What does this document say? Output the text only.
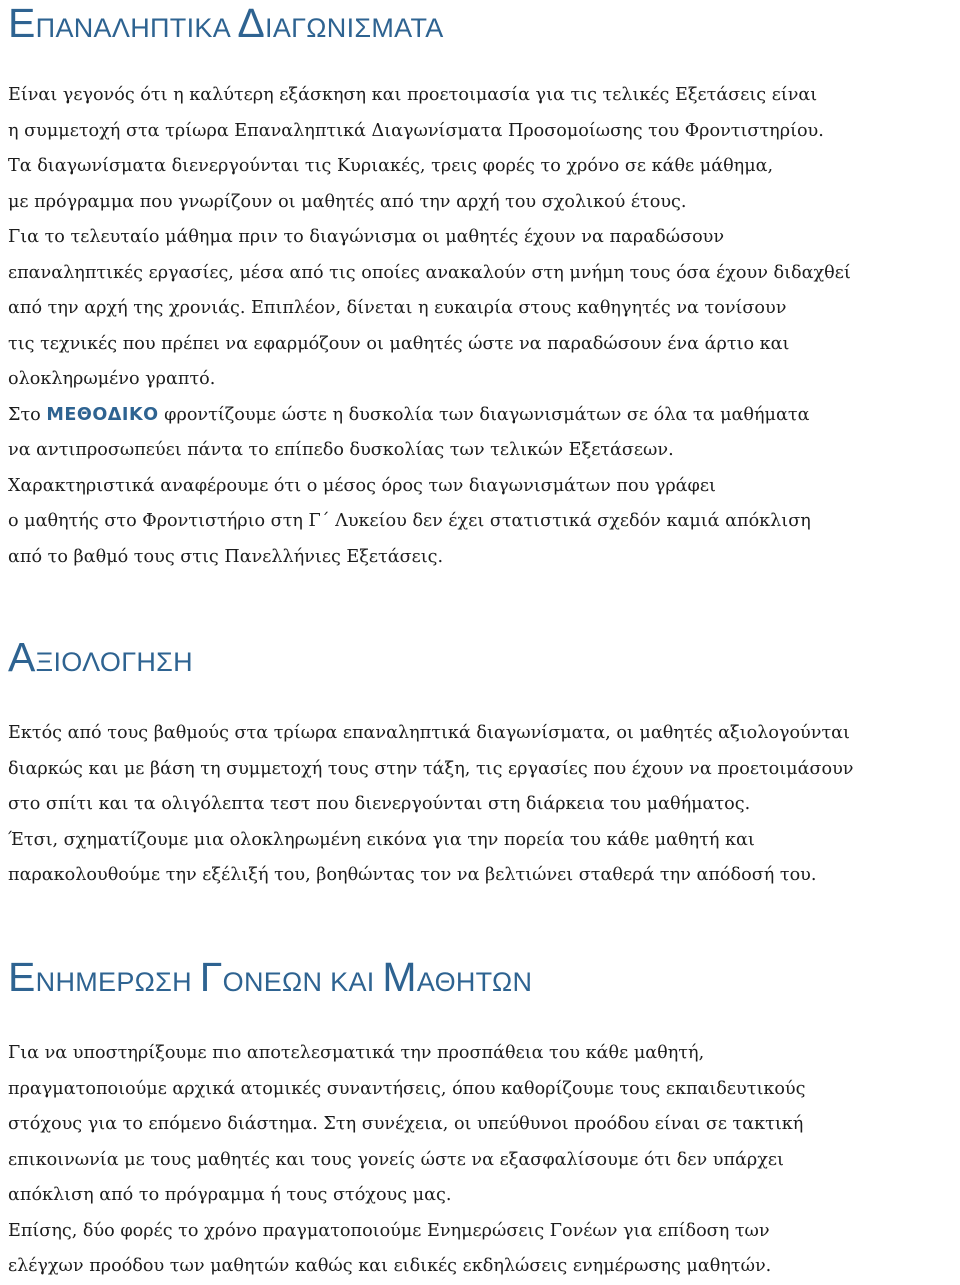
ΕΠΑΝΑΛΗΠΤΙΚΑ ΔΙΑΓΩΝΙΣΜΑΤΑ
Είναι γεγονός ότι η καλύτερη εξάσκηση και προετοιμασία για τις τελικές Εξετάσεις είναι
η συμμετοχή στα τρίωρα Επαναληπτικά Διαγωνίσματα Προσομοίωσης του Φροντιστηρίου.
Τα διαγωνίσματα διενεργούνται τις Κυριακές, τρεις φορές το χρόνο σε κάθε μάθημα,
με πρόγραμμα που γνωρίζουν οι μαθητές από την αρχή του σχολικού έτους.
Για το τελευταίο μάθημα πριν το διαγώνισμα οι μαθητές έχουν να παραδώσουν
επαναληπτικές εργασίες, μέσα από τις οποίες ανακαλούν στη μνήμη τους όσα έχουν διδαχθεί
από την αρχή της χρονιάς. Επιπλέον, δίνεται η ευκαιρία στους καθηγητές να τονίσουν
τις τεχνικές που πρέπει να εφαρμόζουν οι μαθητές ώστε να παραδώσουν ένα άρτιο και
ολοκληρωμένο γραπτό.
Στο ΜΕΘΟΔΙΚΟ φροντίζουμε ώστε η δυσκολία των διαγωνισμάτων σε όλα τα μαθήματα
να αντιπροσωπεύει πάντα το επίπεδο δυσκολίας των τελικών Εξετάσεων.
Χαρακτηριστικά αναφέρουμε ότι ο μέσος όρος των διαγωνισμάτων που γράφει
ο μαθητής στο Φροντιστήριο στη Γ΄ Λυκείου δεν έχει στατιστικά σχεδόν καμιά απόκλιση
από το βαθμό τους στις Πανελλήνιες Εξετάσεις.
ΑΞΙΟΛΟΓΗΣΗ
Εκτός από τους βαθμούς στα τρίωρα επαναληπτικά διαγωνίσματα, οι μαθητές αξιολογούνται
διαρκώς και με βάση τη συμμετοχή τους στην τάξη, τις εργασίες που έχουν να προετοιμάσουν
στο σπίτι και τα ολιγόλεπτα τεστ που διενεργούνται στη διάρκεια του μαθήματος.
Έτσι, σχηματίζουμε μια ολοκληρωμένη εικόνα για την πορεία του κάθε μαθητή και
παρακολουθούμε την εξέλιξή του, βοηθώντας τον να βελτιώνει σταθερά την απόδοσή του.
ΕΝΗΜΕΡΩΣΗ ΓΟΝΕΩΝ ΚΑΙ ΜΑΘΗΤΩΝ
Για να υποστηρίξουμε πιο αποτελεσματικά την προσπάθεια του κάθε μαθητή,
πραγματοποιούμε αρχικά ατομικές συναντήσεις, όπου καθορίζουμε τους εκπαιδευτικούς
στόχους για το επόμενο διάστημα. Στη συνέχεια, οι υπεύθυνοι προόδου είναι σε τακτική
επικοινωνία με τους μαθητές και τους γονείς ώστε να εξασφαλίσουμε ότι δεν υπάρχει
απόκλιση από το πρόγραμμα ή τους στόχους μας.
Επίσης, δύο φορές το χρόνο πραγματοποιούμε Ενημερώσεις Γονέων για επίδοση των
ελέγχων προόδου των μαθητών καθώς και ειδικές εκδηλώσεις ενημέρωσης μαθητών.
